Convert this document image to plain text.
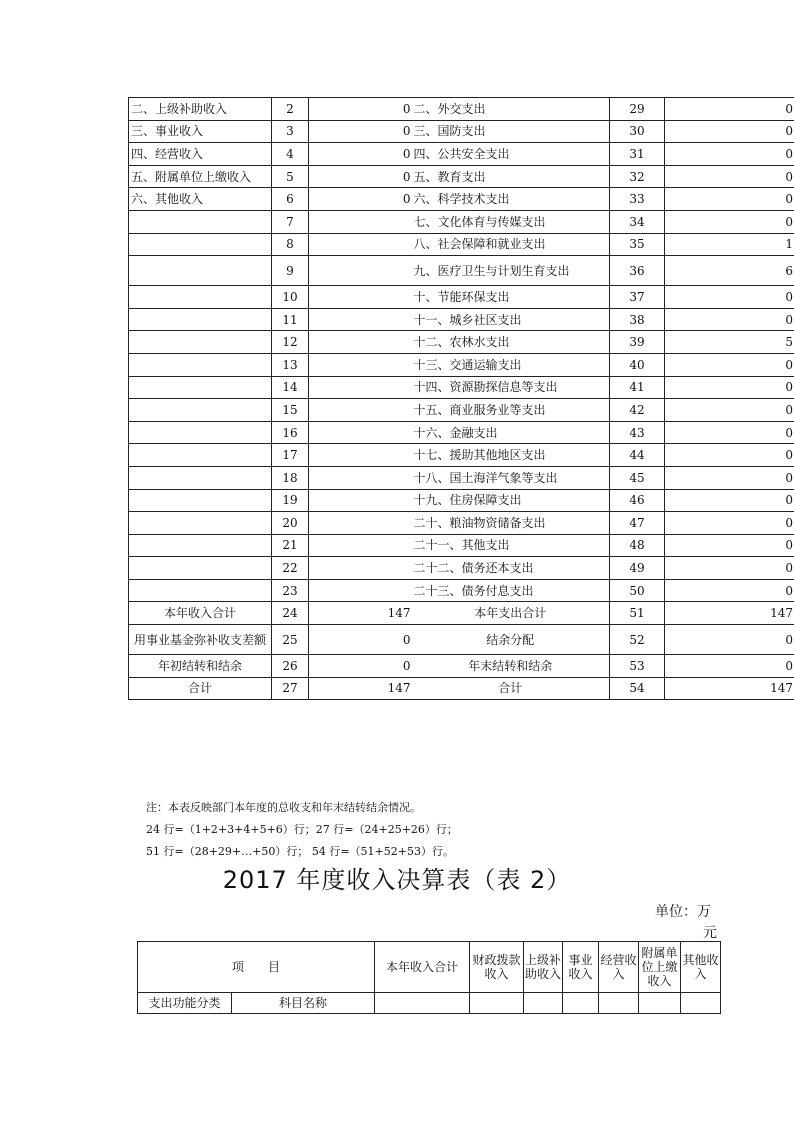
二、上级补助收入	2	0	二、外交支出	29	0
三、事业收入	3	0	三、国防支出	30	0
四、经营收入	4	0	四、公共安全支出	31	0
五、附属单位上缴收入	5	0	五、教育支出	32	0
六、其他收入	6	0	六、科学技术支出	33	0
	7		七、文化体育与传媒支出	34	0
	8		八、社会保障和就业支出	35	1
	9		九、医疗卫生与计划生育支出	36	6
	10		十、节能环保支出	37	0
	11		十一、城乡社区支出	38	0
	12		十二、农林水支出	39	5
	13		十三、交通运输支出	40	0
	14		十四、资源勘探信息等支出	41	0
	15		十五、商业服务业等支出	42	0
	16		十六、金融支出	43	0
	17		十七、援助其他地区支出	44	0
	18		十八、国土海洋气象等支出	45	0
	19		十九、住房保障支出	46	0
	20		二十、粮油物资储备支出	47	0
	21		二十一、其他支出	48	0
	22		二十二、债务还本支出	49	0
	23		二十三、债务付息支出	50	0
本年收入合计	24	147	本年支出合计	51	147
用事业基金弥补收支差额	25	0	结余分配	52	0
年初结转和结余	26	0	年末结转和结余	53	0
合计	27	147	合计	54	147
注：本表反映部门本年度的总收支和年末结转结余情况。
24 行=（1+2+3+4+5+6）行；27 行=（24+25+26）行；
51 行=（28+29+…+50）行； 54 行=（51+52+53）行。
2017 年度收入决算表（表 2）
单位：万
元
项　　目		本年收入合计	财政拨款收入	上级补助收入	事业收入	经营收入	附属单位上缴收入	其他收入
支出功能分类	科目名称							
